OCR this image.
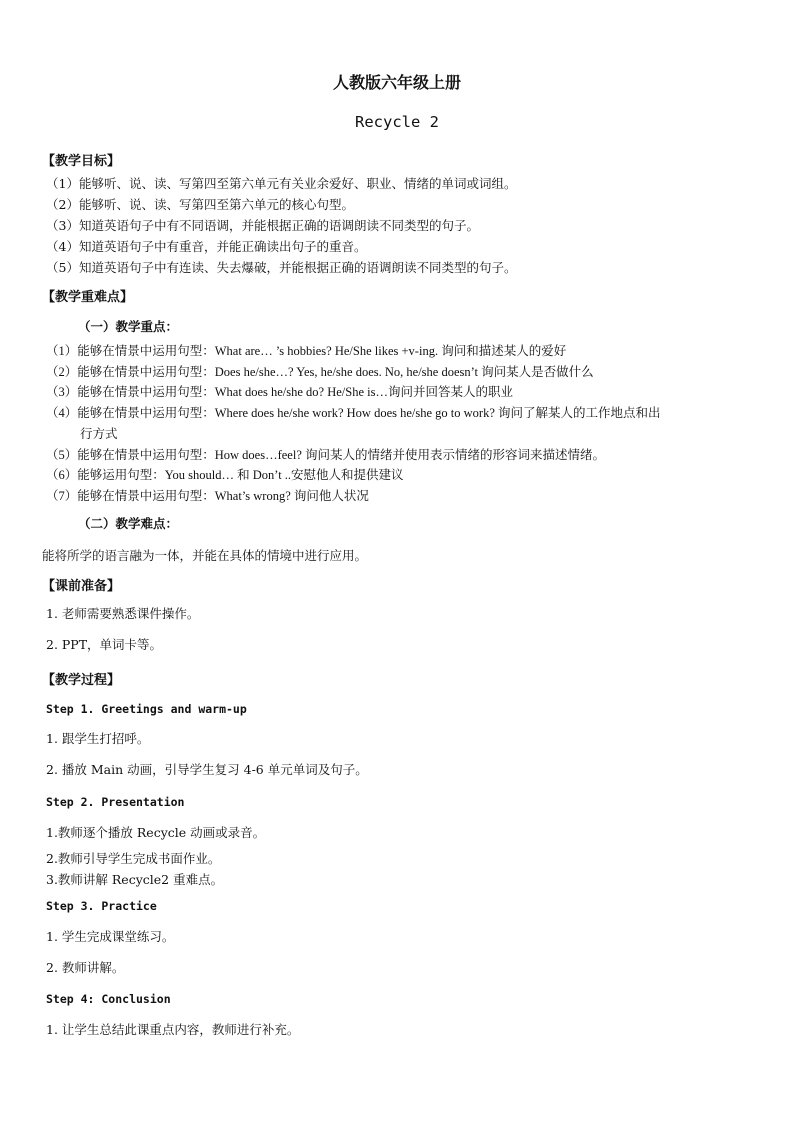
人教版六年级上册
Recycle 2
【教学目标】
（1）能够听、说、读、写第四至第六单元有关业余爱好、职业、情绪的单词或词组。
（2）能够听、说、读、写第四至第六单元的核心句型。
（3）知道英语句子中有不同语调，并能根据正确的语调朗读不同类型的句子。
（4）知道英语句子中有重音，并能正确读出句子的重音。
（5）知道英语句子中有连读、失去爆破，并能根据正确的语调朗读不同类型的句子。
【教学重难点】
（一）教学重点：
（1）能够在情景中运用句型：What are… ’s hobbies? He/She likes +v-ing. 询问和描述某人的爱好
（2）能够在情景中运用句型：Does he/she…? Yes, he/she does. No, he/she doesn’t 询问某人是否做什么
（3）能够在情景中运用句型：What does he/she do? He/She is…询问并回答某人的职业
（4）能够在情景中运用句型：Where does he/she work? How does he/she go to work? 询问了解某人的工作地点和出
行方式
（5）能够在情景中运用句型：How does…feel? 询问某人的情绪并使用表示情绪的形容词来描述情绪。
（6）能够运用句型：You should… 和 Don’t ..安慰他人和提供建议
（7）能够在情景中运用句型：What’s wrong? 询问他人状况
（二）教学难点：
能将所学的语言融为一体，并能在具体的情境中进行应用。
【课前准备】
1. 老师需要熟悉课件操作。
2. PPT，单词卡等。
【教学过程】
Step 1. Greetings and warm-up
1. 跟学生打招呼。
2. 播放 Main 动画，引导学生复习 4-6 单元单词及句子。
Step 2. Presentation
1.教师逐个播放 Recycle 动画或录音。
2.教师引导学生完成书面作业。
3.教师讲解 Recycle2 重难点。
Step 3. Practice
1. 学生完成课堂练习。
2. 教师讲解。
Step 4: Conclusion
1. 让学生总结此课重点内容，教师进行补充。
